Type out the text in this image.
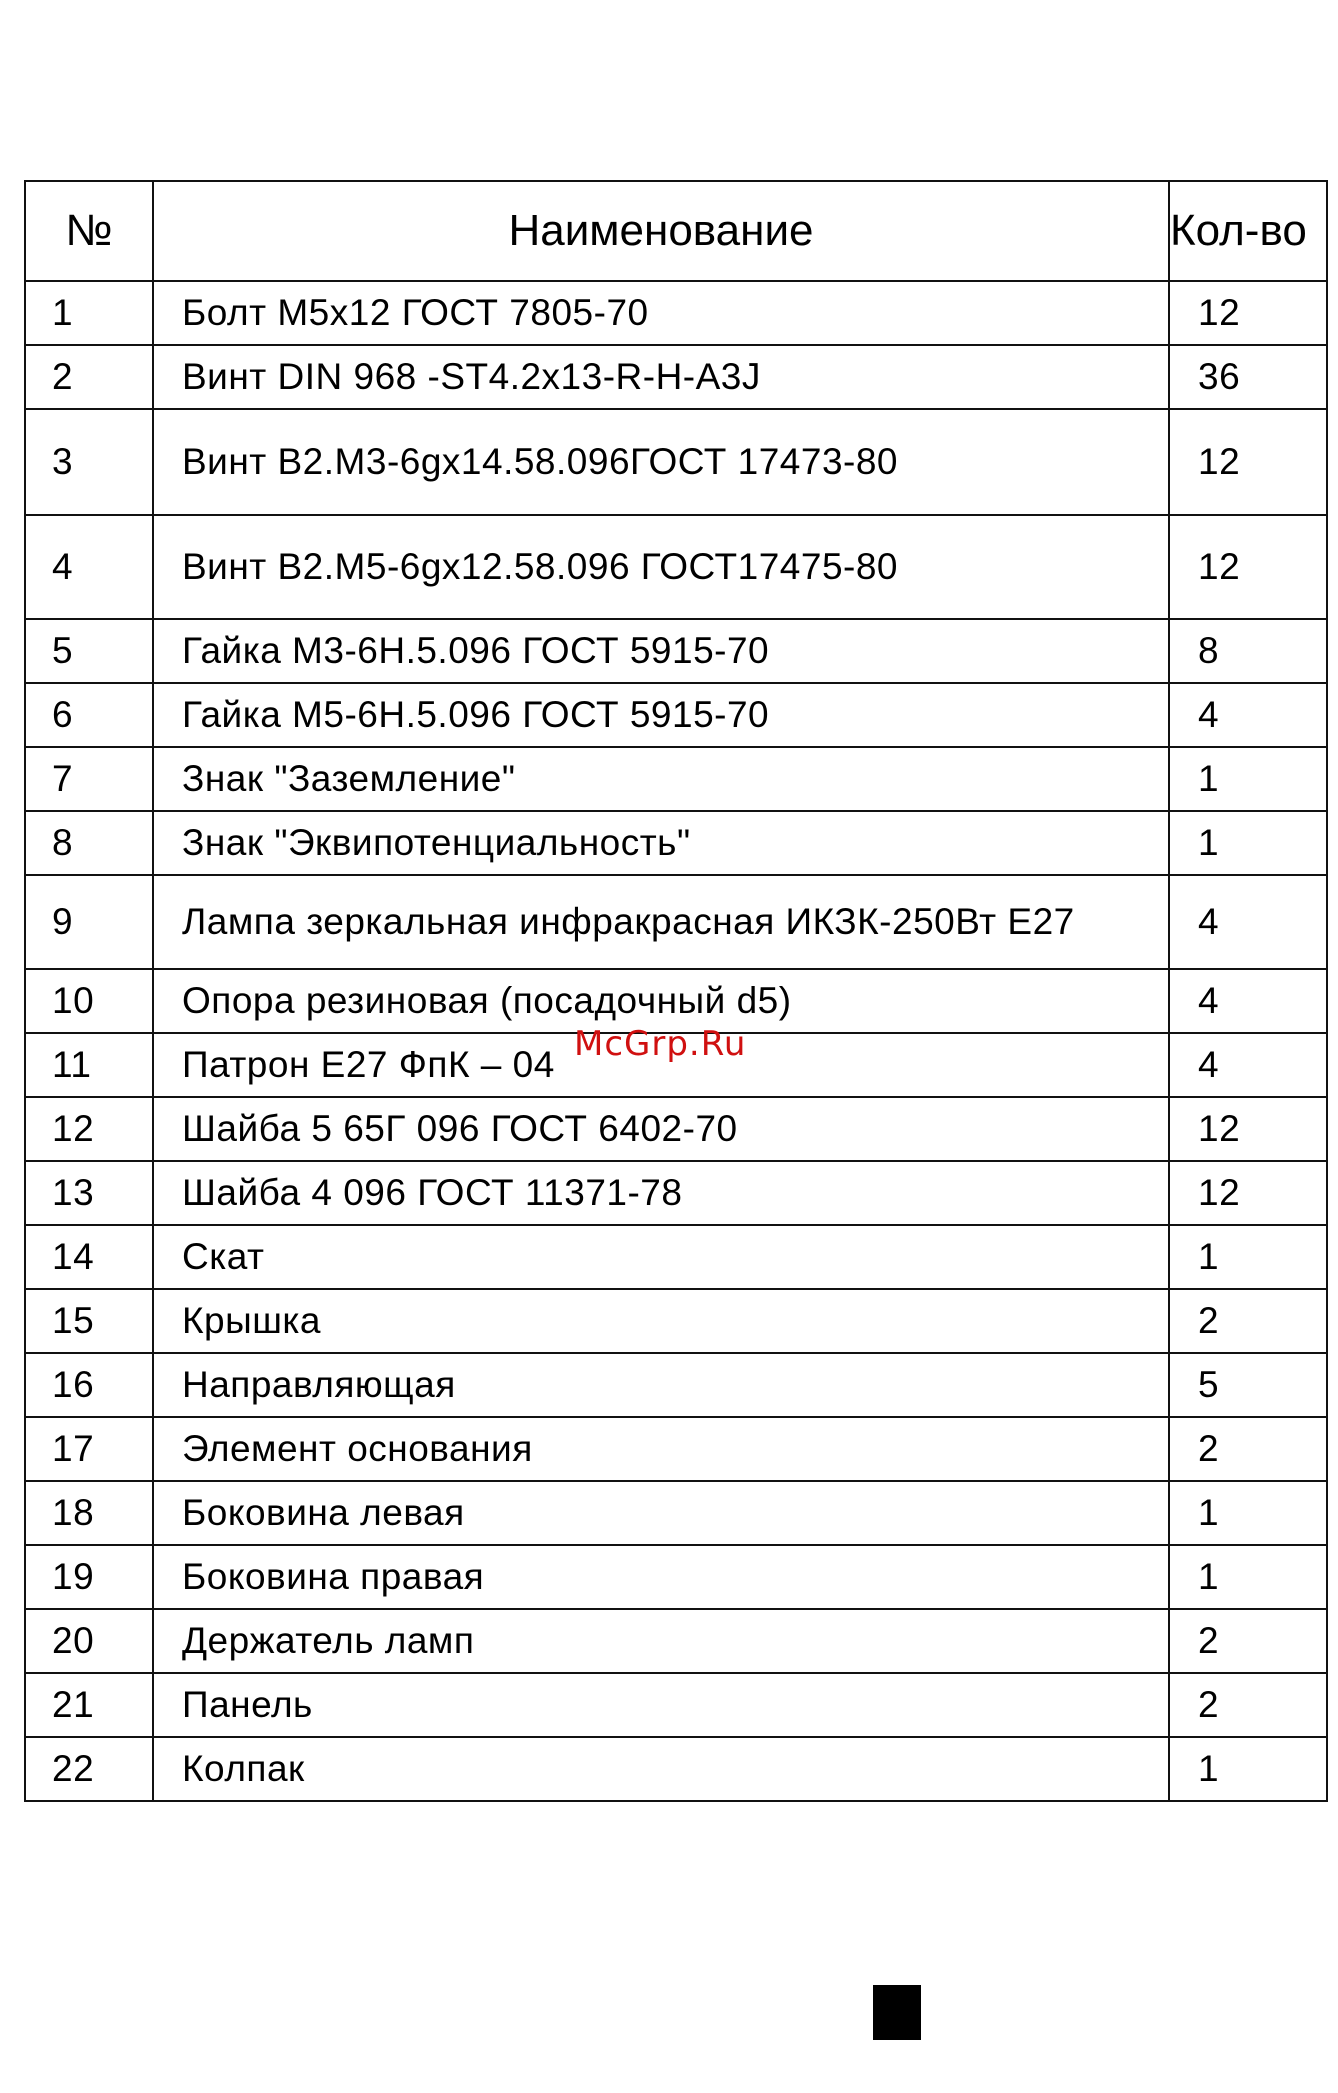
№	Наименование	Кол-во
1	Болт М5х12 ГОСТ 7805-70	12
2	Винт DIN 968 -ST4.2x13-R-H-A3J	36
3	Винт В2.М3-6gx14.58.096ГОСТ 17473-80	12
4	Винт В2.М5-6gx12.58.096 ГОСТ17475-80	12
5	Гайка М3-6Н.5.096 ГОСТ 5915-70	8
6	Гайка М5-6Н.5.096 ГОСТ 5915-70	4
7	Знак "Заземление"	1
8	Знак "Эквипотенциальность"	1
9	Лампа зеркальная инфракрасная ИКЗК-250Вт Е27	4
10	Опора резиновая (посадочный d5)	4
11	Патрон Е27 ФпК – 04	4
12	Шайба 5 65Г 096 ГОСТ 6402-70	12
13	Шайба 4 096 ГОСТ 11371-78	12
14	Скат	1
15	Крышка	2
16	Направляющая	5
17	Элемент основания	2
18	Боковина левая	1
19	Боковина правая	1
20	Держатель ламп	2
21	Панель	2
22	Колпак	1
McGrp.Ru
